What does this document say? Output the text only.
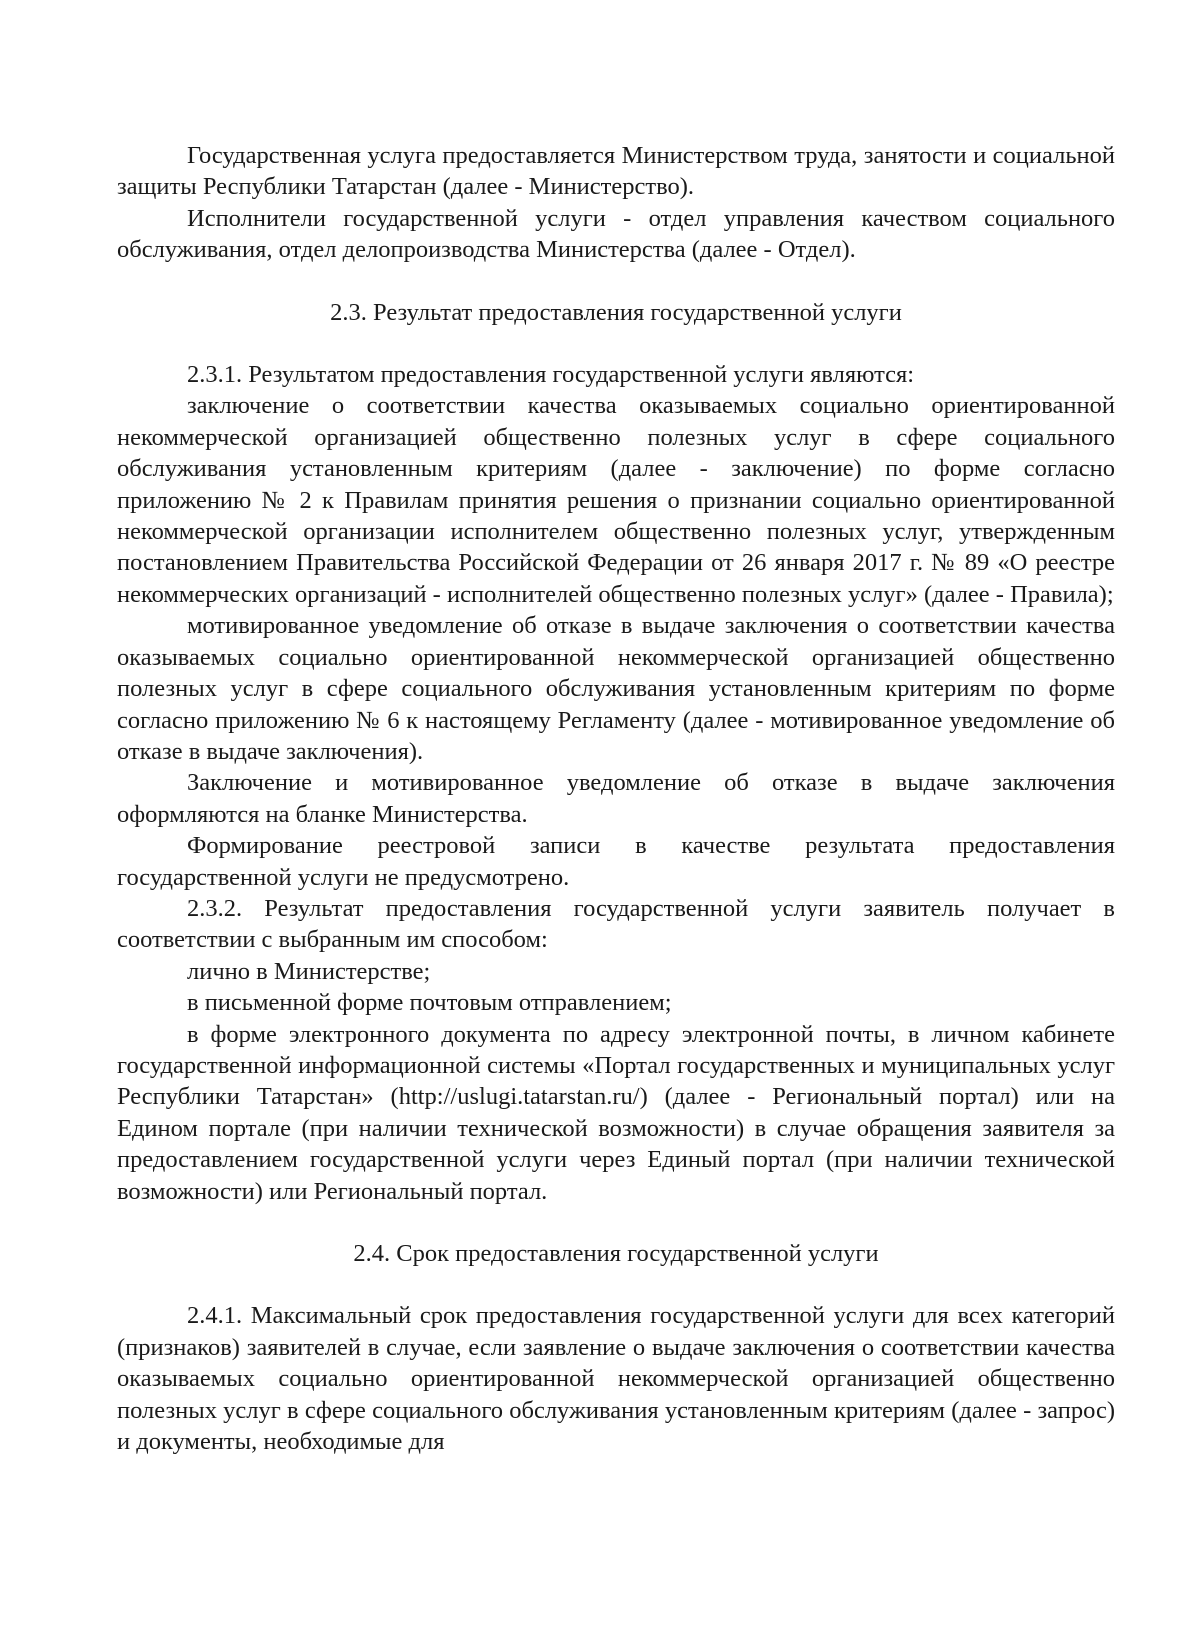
Государственная услуга предоставляется Министерством труда, занятости и социальной защиты Республики Татарстан (далее - Министерство).

Исполнители государственной услуги - отдел управления качеством социального обслуживания, отдел делопроизводства Министерства (далее - Отдел).

2.3. Результат предоставления государственной услуги

2.3.1. Результатом предоставления государственной услуги являются:

заключение о соответствии качества оказываемых социально ориентированной некоммерческой организацией общественно полезных услуг в сфере социального обслуживания установленным критериям (далее - заключение) по форме согласно приложению № 2 к Правилам принятия решения о признании социально ориентированной некоммерческой организации исполнителем общественно полезных услуг, утвержденным постановлением Правительства Российской Федерации от 26 января 2017 г. № 89 «О реестре некоммерческих организаций - исполнителей общественно полезных услуг» (далее - Правила);

мотивированное уведомление об отказе в выдаче заключения о соответствии качества оказываемых социально ориентированной некоммерческой организацией общественно полезных услуг в сфере социального обслуживания установленным критериям по форме согласно приложению № 6 к настоящему Регламенту (далее - мотивированное уведомление об отказе в выдаче заключения).

Заключение и мотивированное уведомление об отказе в выдаче заключения оформляются на бланке Министерства.

Формирование реестровой записи в качестве результата предоставления государственной услуги не предусмотрено.

2.3.2. Результат предоставления государственной услуги заявитель получает в соответствии с выбранным им способом:

лично в Министерстве;

в письменной форме почтовым отправлением;

в форме электронного документа по адресу электронной почты, в личном кабинете государственной информационной системы «Портал государственных и муниципальных услуг Республики Татарстан» (http://uslugi.tatarstan.ru/) (далее - Региональный портал) или на Едином портале (при наличии технической возможности) в случае обращения заявителя за предоставлением государственной услуги через Единый портал (при наличии технической возможности) или Региональный портал.

2.4. Срок предоставления государственной услуги

2.4.1. Максимальный срок предоставления государственной услуги для всех категорий (признаков) заявителей в случае, если заявление о выдаче заключения о соответствии качества оказываемых социально ориентированной некоммерческой организацией общественно полезных услуг в сфере социального обслуживания установленным критериям (далее - запрос) и документы, необходимые для
